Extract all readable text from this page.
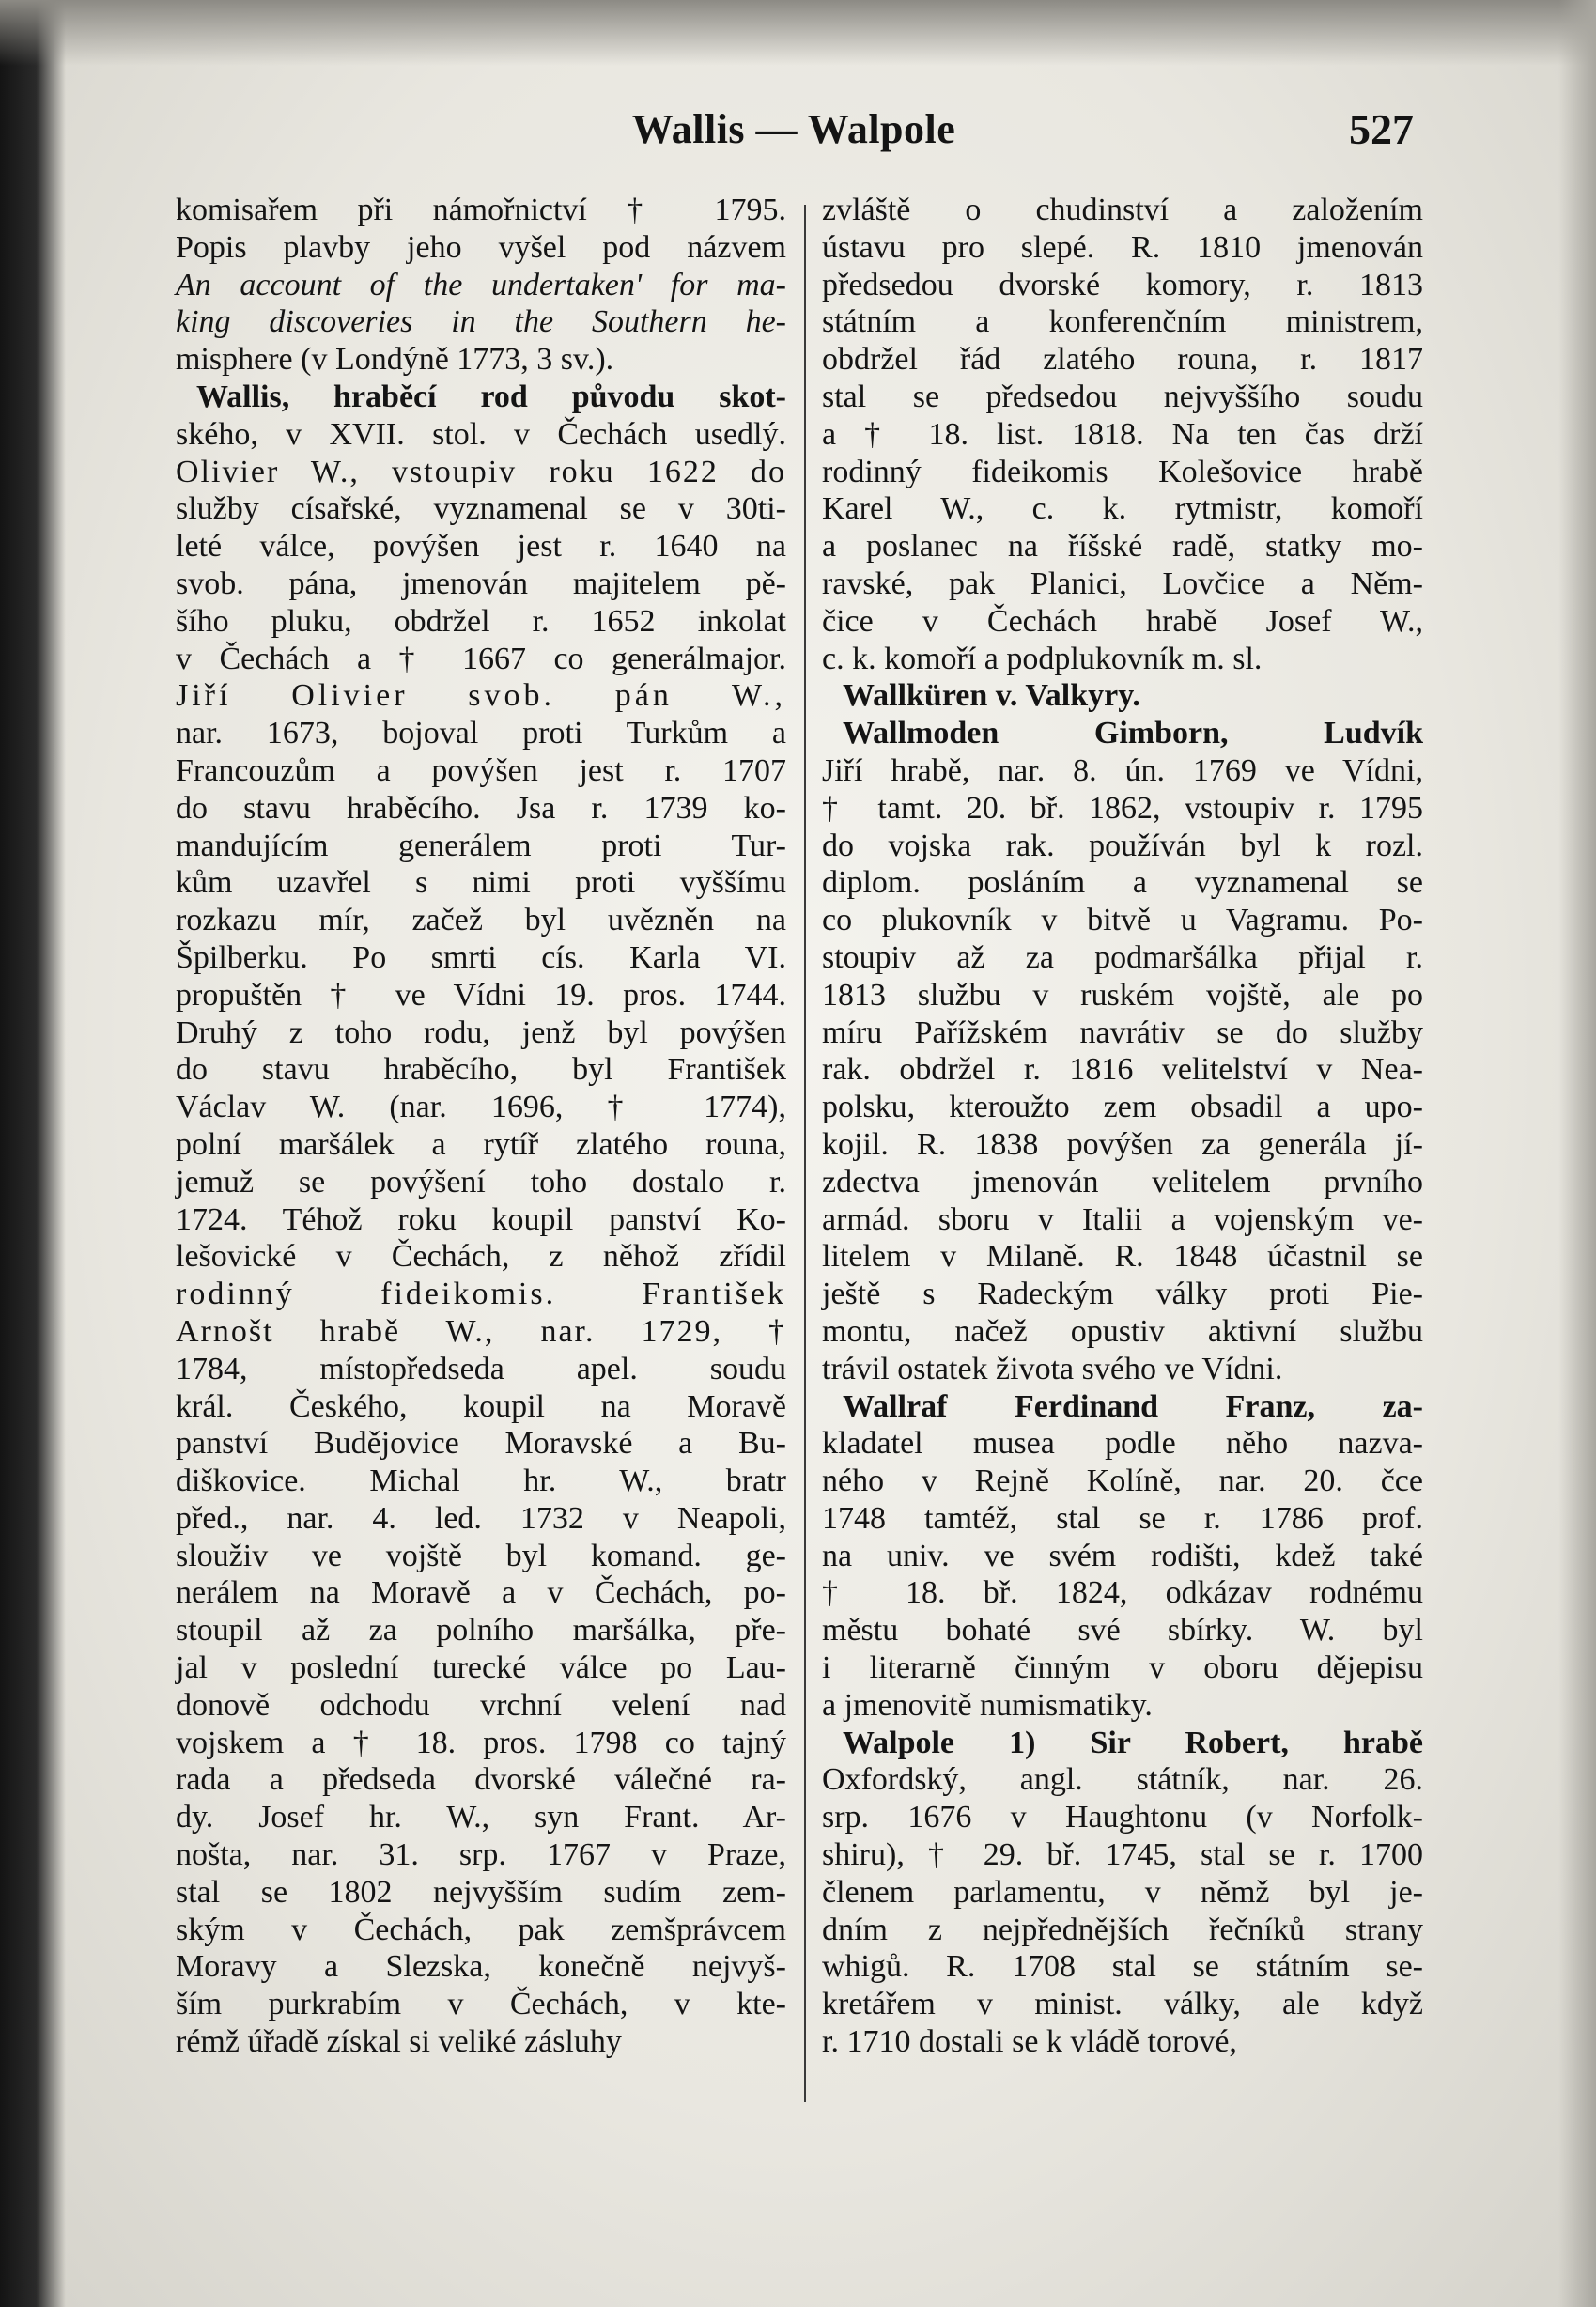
Wallis — Walpole	527

komisařem při námořnictví † 1795.

Popis plavby jeho vyšel pod názvem

An account of the undertaken' for ma-

king discoveries in the Southern he-

misphere (v Londýně 1773, 3 sv.).

Wallis, hraběcí rod původu skot-

ského, v XVII. stol. v Čechách usedlý.

Olivier W., vstoupiv roku 1622 do

služby císařské, vyznamenal se v 30ti-

leté válce, povýšen jest r. 1640 na

svob. pána, jmenován majitelem pě-

šího pluku, obdržel r. 1652 inkolat

v Čechách a † 1667 co generálmajor.

Jiří Olivier svob. pán W.,

nar. 1673, bojoval proti Turkům a

Francouzům a povýšen jest r. 1707

do stavu hraběcího. Jsa r. 1739 ko-

mandujícím generálem proti Tur-

kům uzavřel s nimi proti vyššímu

rozkazu mír, začež byl uvězněn na

Špilberku. Po smrti cís. Karla VI.

propuštěn † ve Vídni 19. pros. 1744.

Druhý z toho rodu, jenž byl povýšen

do stavu hraběcího, byl František

Václav W. (nar. 1696, † 1774),

polní maršálek a rytíř zlatého rouna,

jemuž se povýšení toho dostalo r.

1724. Téhož roku koupil panství Ko-

lešovické v Čechách, z něhož zřídil

rodinný fideikomis. František

Arnošt hrabě W., nar. 1729, †

1784, místopředseda apel. soudu

král. Českého, koupil na Moravě

panství Budějovice Moravské a Bu-

diškovice. Michal hr. W., bratr

před., nar. 4. led. 1732 v Neapoli,

slouživ ve vojště byl komand. ge-

nerálem na Moravě a v Čechách, po-

stoupil až za polního maršálka, pře-

jal v poslední turecké válce po Lau-

donově odchodu vrchní velení nad

vojskem a † 18. pros. 1798 co tajný

rada a předseda dvorské válečné ra-

dy. Josef hr. W., syn Frant. Ar-

nošta, nar. 31. srp. 1767 v Praze,

stal se 1802 nejvyšším sudím zem-

ským v Čechách, pak zemšprávcem

Moravy a Slezska, konečně nejvyš-

ším purkrabím v Čechách, v kte-

rémž úřadě získal si veliké zásluhy

zvláště o chudinství a založením

ústavu pro slepé. R. 1810 jmenován

předsedou dvorské komory, r. 1813

státním a konferenčním ministrem,

obdržel řád zlatého rouna, r. 1817

stal se předsedou nejvyššího soudu

a † 18. list. 1818. Na ten čas drží

rodinný fideikomis Kolešovice hrabě

Karel W., c. k. rytmistr, komoří

a poslanec na říšské radě, statky mo-

ravské, pak Planici, Lovčice a Něm-

čice v Čechách hrabě Josef W.,

c. k. komoří a podplukovník m. sl.

Wallküren v. Valkyry.

Wallmoden Gimborn, Ludvík

Jiří hrabě, nar. 8. ún. 1769 ve Vídni,

† tamt. 20. bř. 1862, vstoupiv r. 1795

do vojska rak. používán byl k rozl.

diplom. posláním a vyznamenal se

co plukovník v bitvě u Vagramu. Po-

stoupiv až za podmaršálka přijal r.

1813 službu v ruském vojště, ale po

míru Pařížském navrátiv se do služby

rak. obdržel r. 1816 velitelství v Nea-

polsku, kteroužto zem obsadil a upo-

kojil. R. 1838 povýšen za generála jí-

zdectva jmenován velitelem prvního

armád. sboru v Italii a vojenským ve-

litelem v Milaně. R. 1848 účastnil se

ještě s Radeckým války proti Pie-

montu, načež opustiv aktivní službu

trávil ostatek života svého ve Vídni.

Wallraf Ferdinand Franz, za-

kladatel musea podle něho nazva-

ného v Rejně Kolíně, nar. 20. čce

1748 tamtéž, stal se r. 1786 prof.

na univ. ve svém rodišti, kdež také

† 18. bř. 1824, odkázav rodnému

městu bohaté své sbírky. W. byl

i literarně činným v oboru dějepisu

a jmenovitě numismatiky.

Walpole 1) Sir Robert, hrabě

Oxfordský, angl. státník, nar. 26.

srp. 1676 v Haughtonu (v Norfolk-

shiru), † 29. bř. 1745, stal se r. 1700

členem parlamentu, v němž byl je-

dním z nejpřednějších řečníků strany

whigů. R. 1708 stal se státním se-

kretářem v minist. války, ale když

r. 1710 dostali se k vládě torové,
